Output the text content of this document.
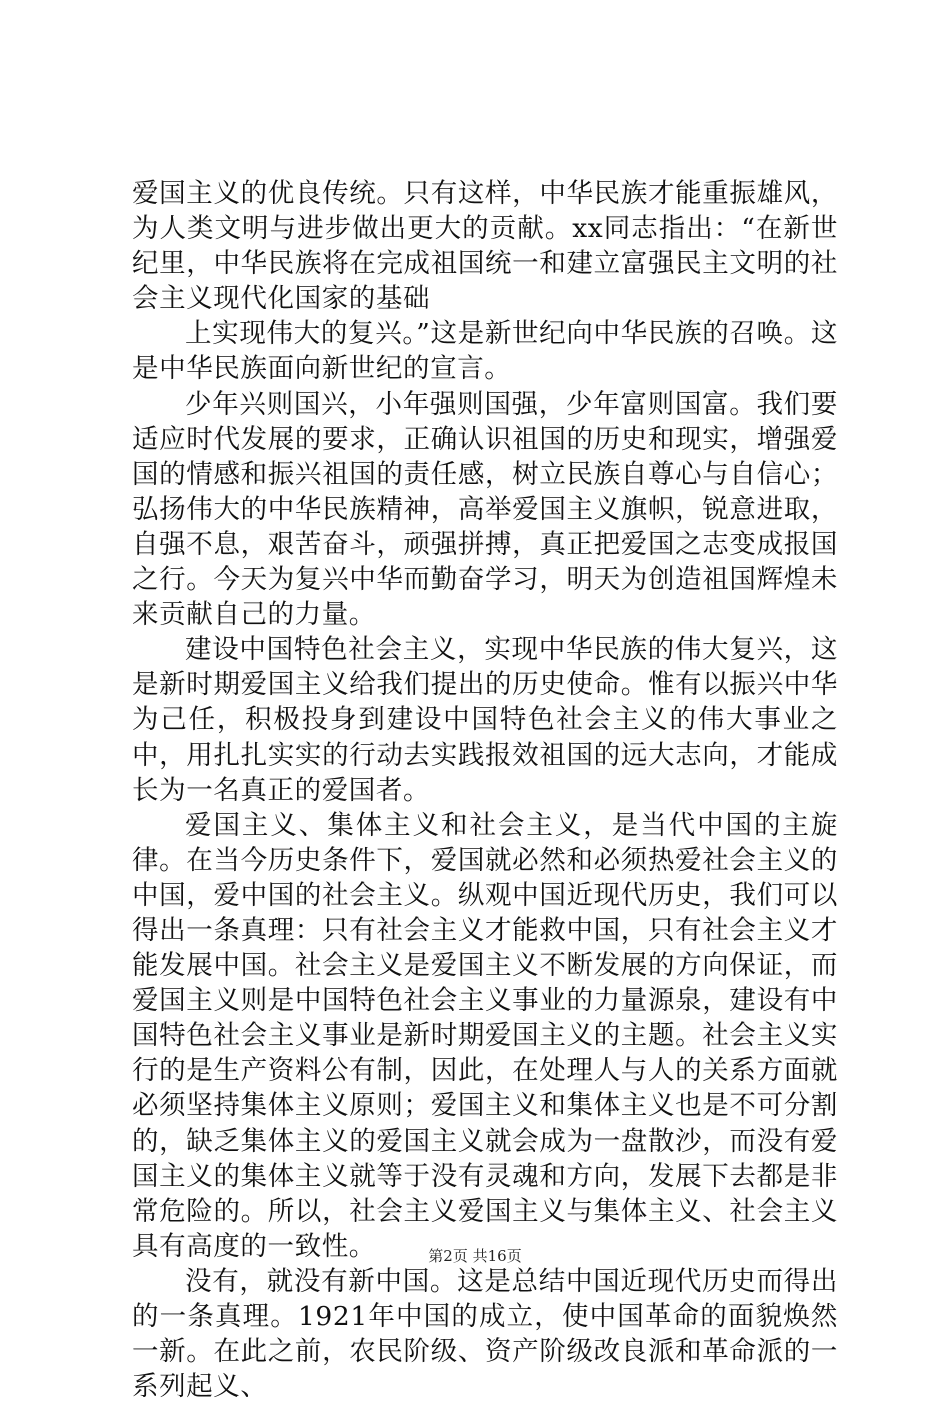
爱国主义的优良传统。只有这样，中华民族才能重振雄风，为人类文明与进步做出更大的贡献。xx同志指出：“在新世纪里，中华民族将在完成祖国统一和建立富强民主文明的社会主义现代化国家的基础

上实现伟大的复兴。”这是新世纪向中华民族的召唤。这是中华民族面向新世纪的宣言。

少年兴则国兴，小年强则国强，少年富则国富。我们要适应时代发展的要求，正确认识祖国的历史和现实，增强爱国的情感和振兴祖国的责任感，树立民族自尊心与自信心；弘扬伟大的中华民族精神，高举爱国主义旗帜，锐意进取，自强不息，艰苦奋斗，顽强拼搏，真正把爱国之志变成报国之行。今天为复兴中华而勤奋学习，明天为创造祖国辉煌未来贡献自己的力量。

建设中国特色社会主义，实现中华民族的伟大复兴，这是新时期爱国主义给我们提出的历史使命。惟有以振兴中华为己任，积极投身到建设中国特色社会主义的伟大事业之中，用扎扎实实的行动去实践报效祖国的远大志向，才能成长为一名真正的爱国者。

爱国主义、集体主义和社会主义，是当代中国的主旋律。在当今历史条件下，爱国就必然和必须热爱社会主义的中国，爱中国的社会主义。纵观中国近现代历史，我们可以得出一条真理：只有社会主义才能救中国，只有社会主义才能发展中国。社会主义是爱国主义不断发展的方向保证，而爱国主义则是中国特色社会主义事业的力量源泉，建设有中国特色社会主义事业是新时期爱国主义的主题。社会主义实行的是生产资料公有制，因此，在处理人与人的关系方面就必须坚持集体主义原则；爱国主义和集体主义也是不可分割的，缺乏集体主义的爱国主义就会成为一盘散沙，而没有爱国主义的集体主义就等于没有灵魂和方向，发展下去都是非常危险的。所以，社会主义爱国主义与集体主义、社会主义具有高度的一致性。

没有，就没有新中国。这是总结中国近现代历史而得出的一条真理。1921年中国的成立，使中国革命的面貌焕然一新。在此之前，农民阶级、资产阶级改良派和革命派的一系列起义、

第2页 共16页
